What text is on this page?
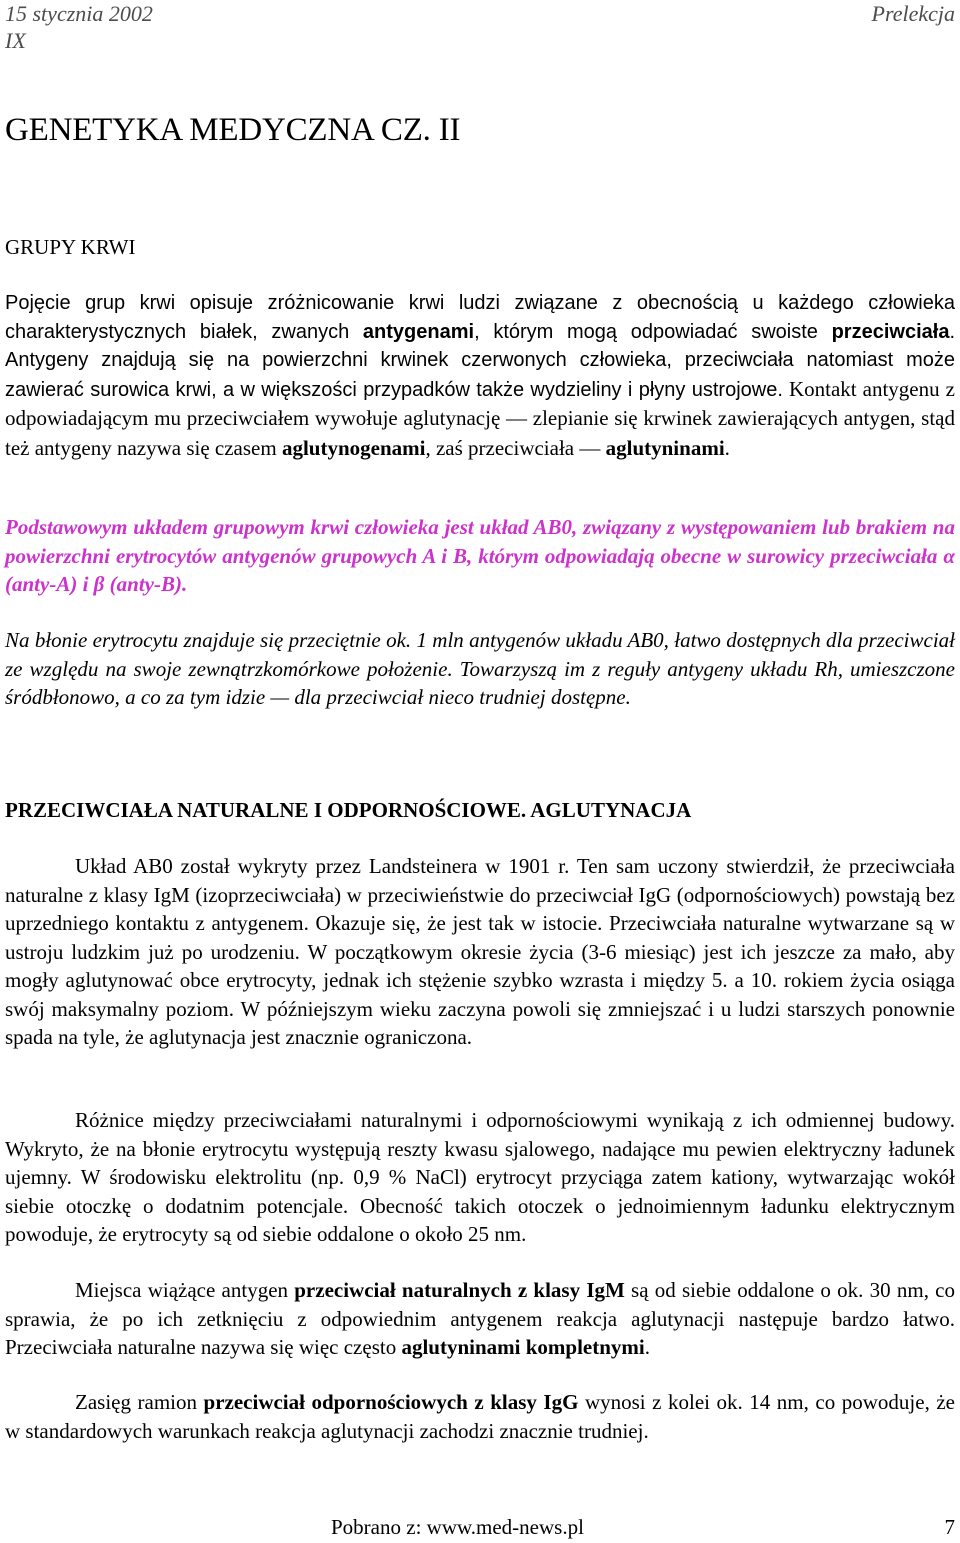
15 stycznia 2002	Prelekcja
IX
GENETYKA MEDYCZNA CZ. II
GRUPY KRWI

Pojęcie grup krwi opisuje zróżnicowanie krwi ludzi związane z obecnością u każdego człowieka charakterystycznych białek, zwanych antygenami, którym mogą odpowiadać swoiste przeciwciała. Antygeny znajdują się na powierzchni krwinek czerwonych człowieka, przeciwciała natomiast może zawierać surowica krwi, a w większości przypadków także wydzieliny i płyny ustrojowe. Kontakt antygenu z odpowiadającym mu przeciwciałem wywołuje aglutynację — zlepianie się krwinek zawierających antygen, stąd też antygeny nazywa się czasem aglutynogenami, zaś przeciwciała — aglutyninami.

Podstawowym układem grupowym krwi człowieka jest układ AB0, związany z występowaniem lub brakiem na powierzchni erytrocytów antygenów grupowych A i B, którym odpowiadają obecne w surowicy przeciwciała α (anty-A) i β (anty-B).

Na błonie erytrocytu znajduje się przeciętnie ok. 1 mln antygenów układu AB0, łatwo dostępnych dla przeciwciał ze względu na swoje zewnątrzkomórkowe położenie. Towarzyszą im z reguły antygeny układu Rh, umieszczone śródbłonowo, a co za tym idzie — dla przeciwciał nieco trudniej dostępne.

PRZECIWCIAŁA NATURALNE I ODPORNOŚCIOWE. AGLUTYNACJA

Układ AB0 został wykryty przez Landsteinera w 1901 r. Ten sam uczony stwierdził, że przeciwciała naturalne z klasy IgM (izoprzeciwciała) w przeciwieństwie do przeciwciał IgG (odpornościowych) powstają bez uprzedniego kontaktu z antygenem. Okazuje się, że jest tak w istocie. Przeciwciała naturalne wytwarzane są w ustroju ludzkim już po urodzeniu. W początkowym okresie życia (3-6 miesiąc) jest ich jeszcze za mało, aby mogły aglutynować obce erytrocyty, jednak ich stężenie szybko wzrasta i między 5. a 10. rokiem życia osiąga swój maksymalny poziom. W późniejszym wieku zaczyna powoli się zmniejszać i u ludzi starszych ponownie spada na tyle, że aglutynacja jest znacznie ograniczona.

Różnice między przeciwciałami naturalnymi i odpornościowymi wynikają z ich odmiennej budowy. Wykryto, że na błonie erytrocytu występują reszty kwasu sjalowego, nadające mu pewien elektryczny ładunek ujemny. W środowisku elektrolitu (np. 0,9 % NaCl) erytrocyt przyciąga zatem kationy, wytwarzając wokół siebie otoczkę o dodatnim potencjale. Obecność takich otoczek o jednoimiennym ładunku elektrycznym powoduje, że erytrocyty są od siebie oddalone o około 25 nm.

Miejsca wiążące antygen przeciwciał naturalnych z klasy IgM są od siebie oddalone o ok. 30 nm, co sprawia, że po ich zetknięciu z odpowiednim antygenem reakcja aglutynacji następuje bardzo łatwo. Przeciwciała naturalne nazywa się więc często aglutyninami kompletnymi.

Zasięg ramion przeciwciał odpornościowych z klasy IgG wynosi z kolei ok. 14 nm, co powoduje, że w standardowych warunkach reakcja aglutynacji zachodzi znacznie trudniej.

Pobrano z: www.med-news.pl	7
